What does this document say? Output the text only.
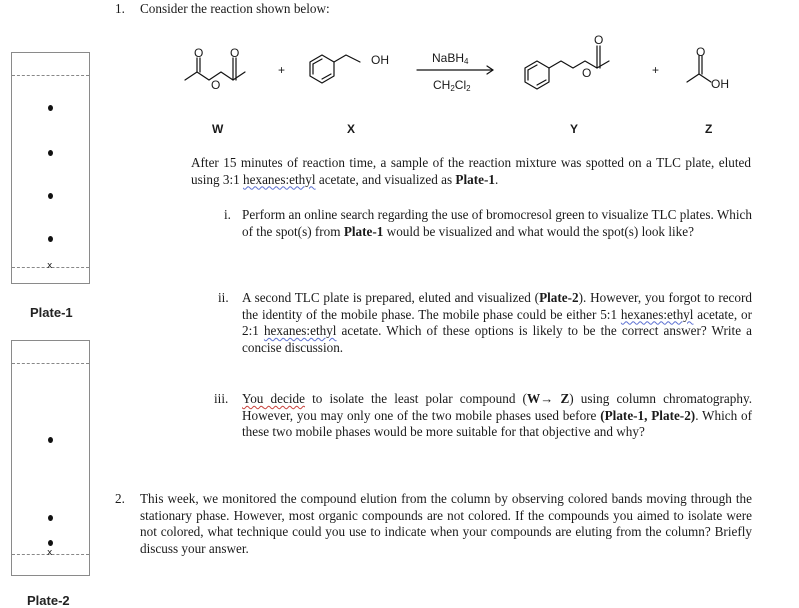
x
Plate-1
x
Plate-2
1. Consider the reaction shown below:
O O
O
+
OH	NaBH$_4$
$CH_2Cl_2$
O
O	+
O
OH
W	X	Y	Z
After 15 minutes of reaction time, a sample of the reaction mixture was spotted on a TLC plate, eluted using 3:1 hexanes:ethyl acetate, and visualized as Plate-1.
i. Perform an online search regarding the use of bromocresol green to visualize TLC plates. Which of the spot(s) from Plate-1 would be visualized and what would the spot(s) look like?
ii. A second TLC plate is prepared, eluted and visualized (Plate-2). However, you forgot to record the identity of the mobile phase. The mobile phase could be either 5:1 hexanes:ethyl acetate, or 2:1 hexanes:ethyl acetate. Which of these options is likely to be the correct answer? Write a concise discussion.
iii. You decide to isolate the least polar compound (W→ Z) using column chromatography. However, you may only one of the two mobile phases used before (Plate-1, Plate-2). Which of these two mobile phases would be more suitable for that objective and why?
2. This week, we monitored the compound elution from the column by observing colored bands moving through the stationary phase. However, most organic compounds are not colored. If the compounds you aimed to isolate were not colored, what technique could you use to indicate when your compounds are eluting from the column? Briefly discuss your answer.
